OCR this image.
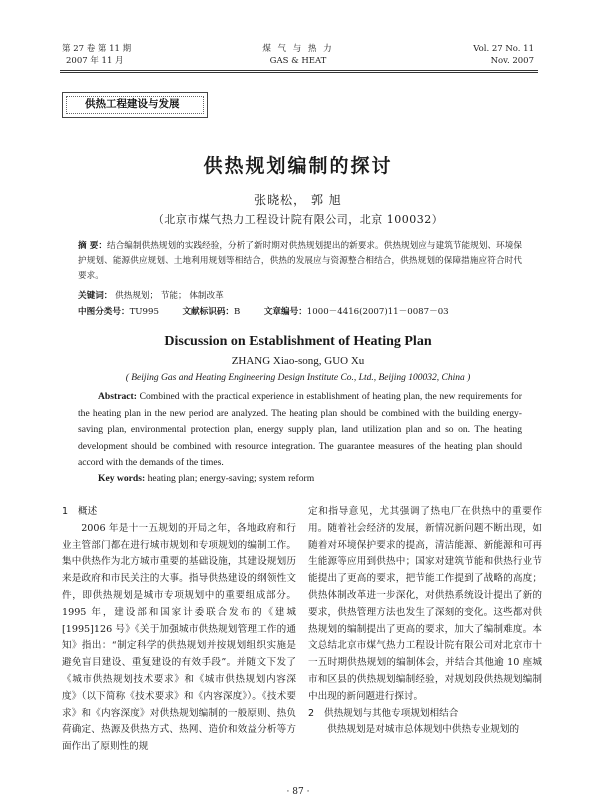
第 27 卷 第 11 期
2007 年 11 月
煤 气 与 热 力
GAS & HEAT
Vol. 27 No. 11
Nov. 2007
供热工程建设与发展
供热规划编制的探讨
张晓松， 郭 旭
（北京市煤气热力工程设计院有限公司，北京 100032）
摘 要：结合编制供热规划的实践经验，分析了新时期对供热规划提出的新要求。供热规划应与建筑节能规划、环境保护规划、能源供应规划、土地利用规划等相结合，供热的发展应与资源整合相结合，供热规划的保障措施应符合时代要求。
关键词： 供热规划； 节能； 体制改革
中图分类号：TU995	文献标识码：B	文章编号：1000－4416(2007)11－0087－03
Discussion on Establishment of Heating Plan
ZHANG Xiao-song, GUO Xu
( Beijing Gas and Heating Engineering Design Institute Co., Ltd., Beijing 100032, China )
Abstract: Combined with the practical experience in establishment of heating plan, the new requirements for the heating plan in the new period are analyzed. The heating plan should be combined with the building energy-saving plan, environmental protection plan, energy supply plan, land utilization plan and so on. The heating development should be combined with resource integration. The guarantee measures of the heating plan should accord with the demands of the times.
Key words: heating plan; energy-saving; system reform
1 概述

2006 年是十一五规划的开局之年，各地政府和行业主管部门都在进行城市规划和专项规划的编制工作。集中供热作为北方城市重要的基础设施，其建设规划历来是政府和市民关注的大事。指导供热建设的纲领性文件，即供热规划是城市专项规划中的重要组成部分。1995 年，建设部和国家计委联合发布的《建城[1995]126 号》《关于加强城市供热规划管理工作的通知》指出：“制定科学的供热规划并按规划组织实施是避免盲目建设、重复建设的有效手段”。并随文下发了《城市供热规划技术要求》和《城市供热规划内容深度》（以下简称《技术要求》和《内容深度》）。《技术要求》和《内容深度》对供热规划编制的一般原则、热负荷确定、热源及供热方式、热网、造价和效益分析等方面作出了原则性的规

定和指导意见，尤其强调了热电厂在供热中的重要作用。随着社会经济的发展，新情况新问题不断出现，如随着对环境保护要求的提高，清洁能源、新能源和可再生能源等应用到供热中；国家对建筑节能和供热行业节能提出了更高的要求，把节能工作提到了战略的高度；供热体制改革进一步深化，对供热系统设计提出了新的要求，供热管理方法也发生了深刻的变化。这些都对供热规划的编制提出了更高的要求，加大了编制难度。本文总结北京市煤气热力工程设计院有限公司对北京市十一五时期供热规划的编制体会，并结合其他逾 10 座城市和区县的供热规划编制经验，对规划段供热规划编制中出现的新问题进行探讨。

2 供热规划与其他专项规划相结合

供热规划是对城市总体规划中供热专业规划的

· 87 ·
